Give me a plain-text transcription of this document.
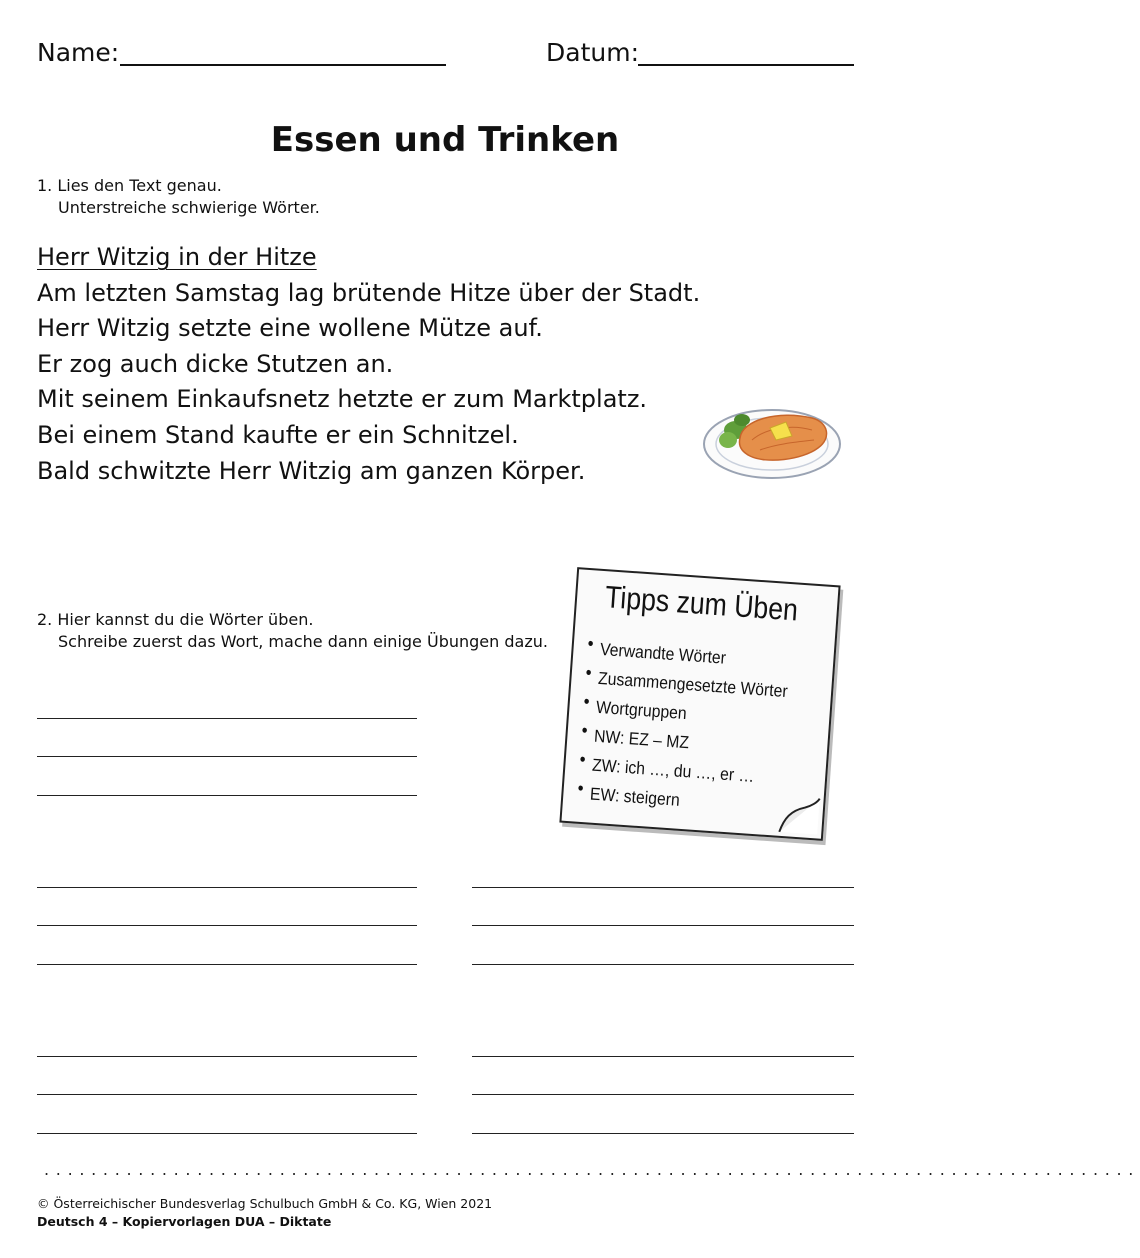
Name:	Datum:
Essen und Trinken
1. Lies den Text genau.
Unterstreiche schwierige Wörter.
Herr Witzig in der Hitze
Am letzten Samstag lag brütende Hitze über der Stadt.
Herr Witzig setzte eine wollene Mütze auf.
Er zog auch dicke Stutzen an.
Mit seinem Einkaufsnetz hetzte er zum Marktplatz.
Bei einem Stand kaufte er ein Schnitzel.
Bald schwitzte Herr Witzig am ganzen Körper.
2. Hier kannst du die Wörter üben.
Schreibe zuerst das Wort, mache dann einige Übungen dazu.
Tipps zum Üben
• Verwandte Wörter
• Zusammengesetzte Wörter
• Wortgruppen
• NW: EZ – MZ
• ZW: ich …, du …, er …
• EW: steigern
.............................................................................................
© Österreichischer Bundesverlag Schulbuch GmbH & Co. KG, Wien 2021
Deutsch 4 – Kopiervorlagen DUA – Diktate
